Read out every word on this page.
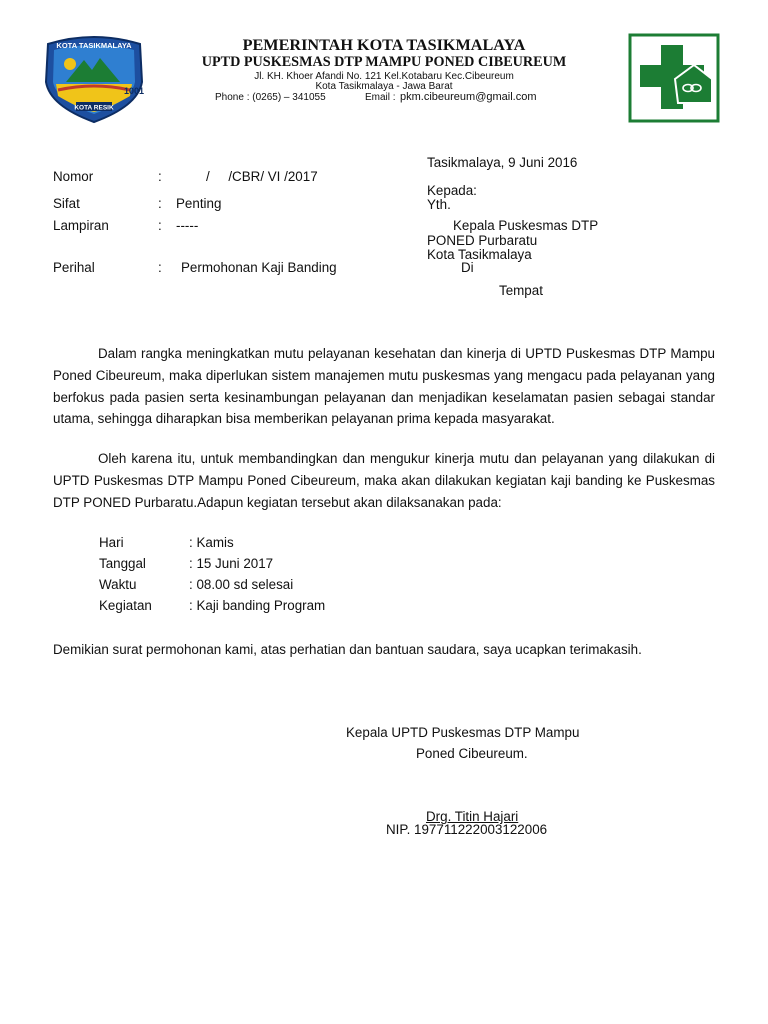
1001
KOTA TASIKMALAYA
KOTA RESIK
PEMERINTAH KOTA TASIKMALAYA
UPTD PUSKESMAS DTP MAMPU PONED CIBEUREUM
Jl. KH. Khoer Afandi No. 121 Kel.Kotabaru Kec.Cibeureum
Kota Tasikmalaya - Jawa Barat
Phone : (0265) – 341055	Email : pkm.cibeureum@gmail.com
Nomor	:	/     /CBR/ VI /2017
Sifat	: Penting
Lampiran	: -----
Perihal	: Permohonan Kaji Banding
Tasikmalaya, 9 Juni 2016
Kepada:
Yth.
Kepala Puskesmas DTP
PONED Purbaratu
Kota Tasikmalaya
Di
Tempat
Dalam rangka meningkatkan mutu pelayanan kesehatan dan kinerja di UPTD Puskesmas DTP Mampu Poned Cibeureum, maka diperlukan sistem manajemen mutu puskesmas yang mengacu pada pelayanan yang berfokus pada pasien serta kesinambungan pelayanan dan menjadikan keselamatan pasien sebagai standar utama, sehingga diharapkan bisa memberikan pelayanan prima kepada masyarakat.
Oleh karena itu, untuk membandingkan dan mengukur kinerja mutu dan pelayanan yang dilakukan di UPTD Puskesmas DTP Mampu Poned Cibeureum, maka akan dilakukan kegiatan kaji banding ke Puskesmas DTP PONED Purbaratu.Adapun kegiatan tersebut akan dilaksanakan pada:
Hari	: Kamis
Tanggal	: 15 Juni 2017
Waktu	: 08.00 sd selesai
Kegiatan	: Kaji banding Program
Demikian surat permohonan kami, atas perhatian dan bantuan saudara, saya ucapkan terimakasih.
Kepala UPTD Puskesmas DTP Mampu
Poned Cibeureum.
Drg. Titin Hajari
NIP. 197711222003122006
